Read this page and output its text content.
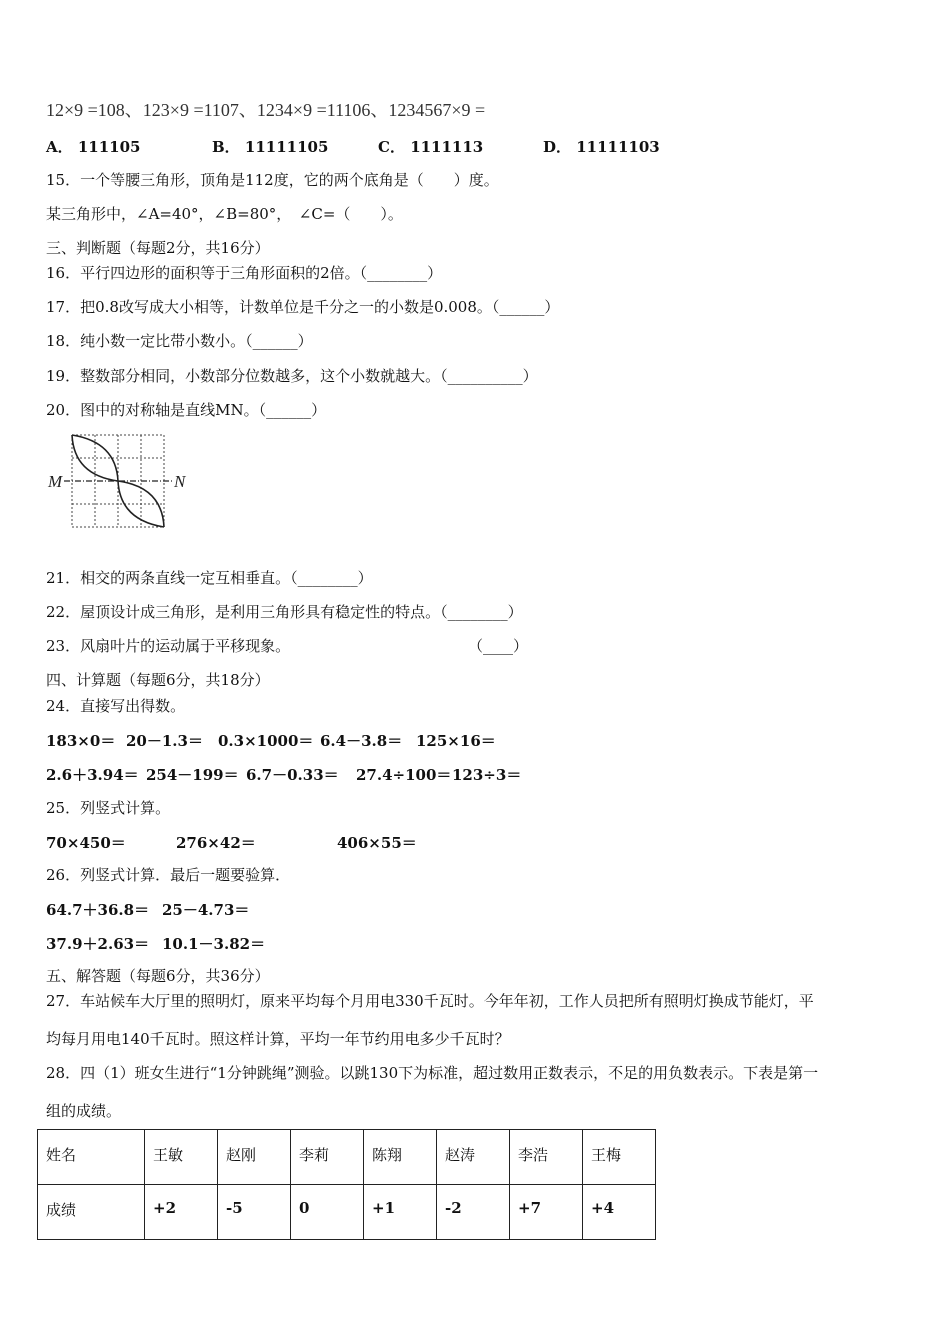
12×9 =108、123×9 =1107、1234×9 =11106、1234567×9 =
A． 111105	B． 11111105	C． 1111113	D． 11111103
15．一个等腰三角形，顶角是112度，它的两个底角是（　　）度。
某三角形中，∠A=40°，∠B=80°，　∠C=（　　）。
三、判断题（每题2分，共16分）
16．平行四边形的面积等于三角形面积的2倍。（________）
17．把0.8改写成大小相等，计数单位是千分之一的小数是0.008。（______）
18．纯小数一定比带小数小。（______）
19．整数部分相同，小数部分位数越多，这个小数就越大。（__________）
20．图中的对称轴是直线MN。（______）
M	N
21．相交的两条直线一定互相垂直。（________）
22．屋顶设计成三角形，是利用三角形具有稳定性的特点。（________）
23．风扇叶片的运动属于平移现象。	（____）
四、计算题（每题6分，共18分）
24．直接写出得数。
183×0＝ 20－1.3＝ 0.3×1000＝ 6.4－3.8＝ 125×16＝
2.6＋3.94＝ 254－199＝ 6.7－0.33＝ 27.4÷100＝ 123÷3＝
25．列竖式计算。
70×450＝	276×42＝	406×55＝
26．列竖式计算．最后一题要验算．
64.7＋36.8＝ 25－4.73＝
37.9＋2.63＝ 10.1－3.82＝
五、解答题（每题6分，共36分）
27．车站候车大厅里的照明灯，原来平均每个月用电330千瓦时。今年年初，工作人员把所有照明灯换成节能灯，平
均每月用电140千瓦时。照这样计算，平均一年节约用电多少千瓦时？
28．四（1）班女生进行“1分钟跳绳”测验。以跳130下为标准，超过数用正数表示，不足的用负数表示。下表是第一
组的成绩。
姓名	王敏	赵刚	李莉	陈翔	赵涛	李浩	王梅
成绩	+2	-5	0	+1	-2	+7	+4
